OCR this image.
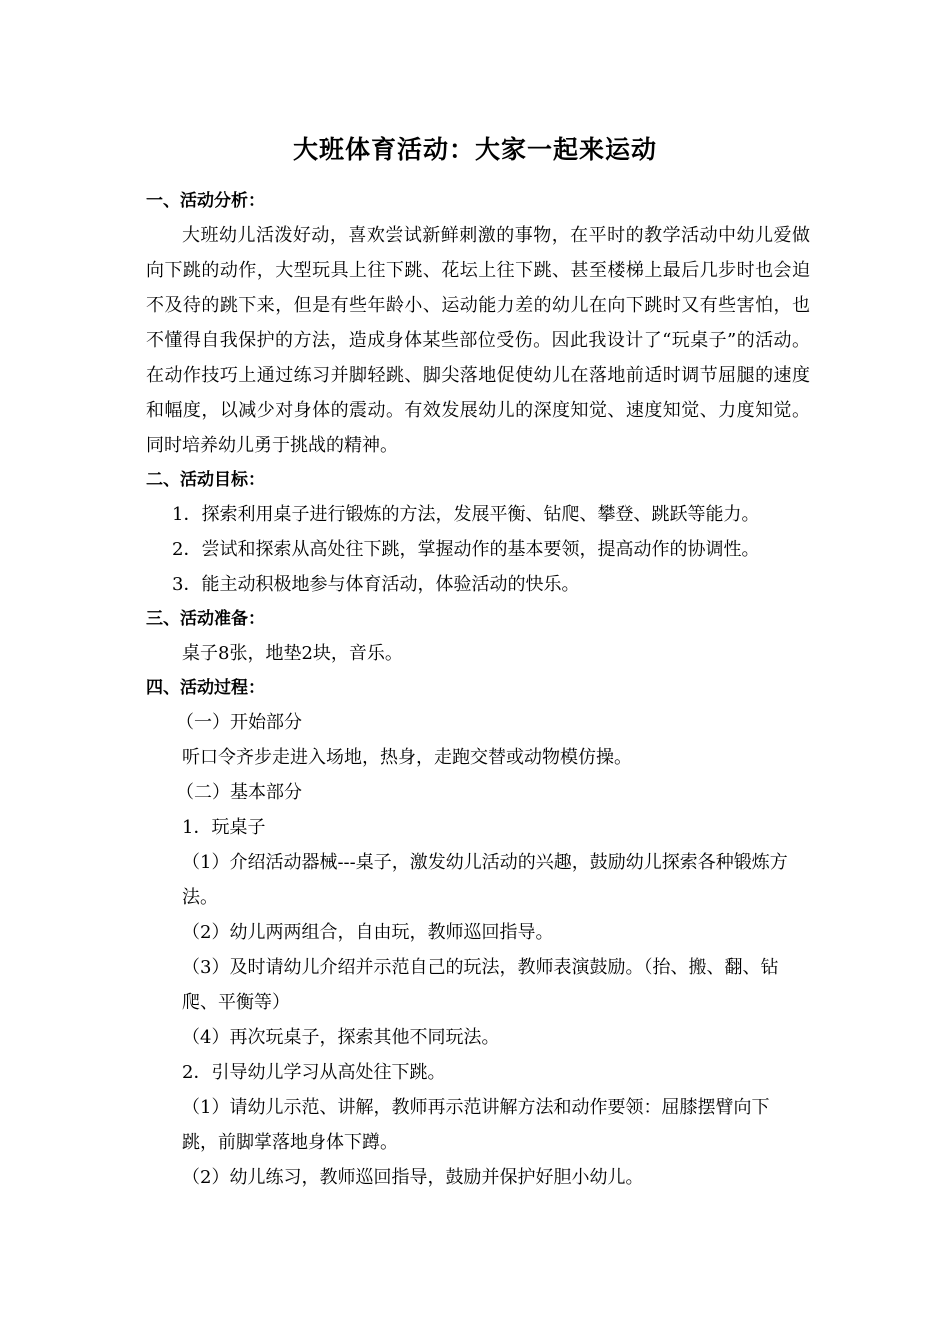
大班体育活动：大家一起来运动
一、活动分析：
大班幼儿活泼好动，喜欢尝试新鲜刺激的事物，在平时的教学活动中幼儿爱做向下跳的动作，大型玩具上往下跳、花坛上往下跳、甚至楼梯上最后几步时也会迫不及待的跳下来，但是有些年龄小、运动能力差的幼儿在向下跳时又有些害怕，也不懂得自我保护的方法，造成身体某些部位受伤。因此我设计了“玩桌子”的活动。在动作技巧上通过练习并脚轻跳、脚尖落地促使幼儿在落地前适时调节屈腿的速度和幅度，以减少对身体的震动。有效发展幼儿的深度知觉、速度知觉、力度知觉。同时培养幼儿勇于挑战的精神。
二、活动目标：
1．探索利用桌子进行锻炼的方法，发展平衡、钻爬、攀登、跳跃等能力。
2．尝试和探索从高处往下跳，掌握动作的基本要领，提高动作的协调性。
3．能主动积极地参与体育活动，体验活动的快乐。
三、活动准备：
桌子8张，地垫2块，音乐。
四、活动过程：
（一）开始部分
听口令齐步走进入场地，热身，走跑交替或动物模仿操。
（二）基本部分
1．玩桌子
（1）介绍活动器械---桌子，激发幼儿活动的兴趣，鼓励幼儿探索各种锻炼方法。
（2）幼儿两两组合，自由玩，教师巡回指导。
（3）及时请幼儿介绍并示范自己的玩法，教师表演鼓励。（抬、搬、翻、钻爬、平衡等）
（4）再次玩桌子，探索其他不同玩法。
2．引导幼儿学习从高处往下跳。
（1）请幼儿示范、讲解，教师再示范讲解方法和动作要领：屈膝摆臂向下跳，前脚掌落地身体下蹲。
（2）幼儿练习，教师巡回指导，鼓励并保护好胆小幼儿。
